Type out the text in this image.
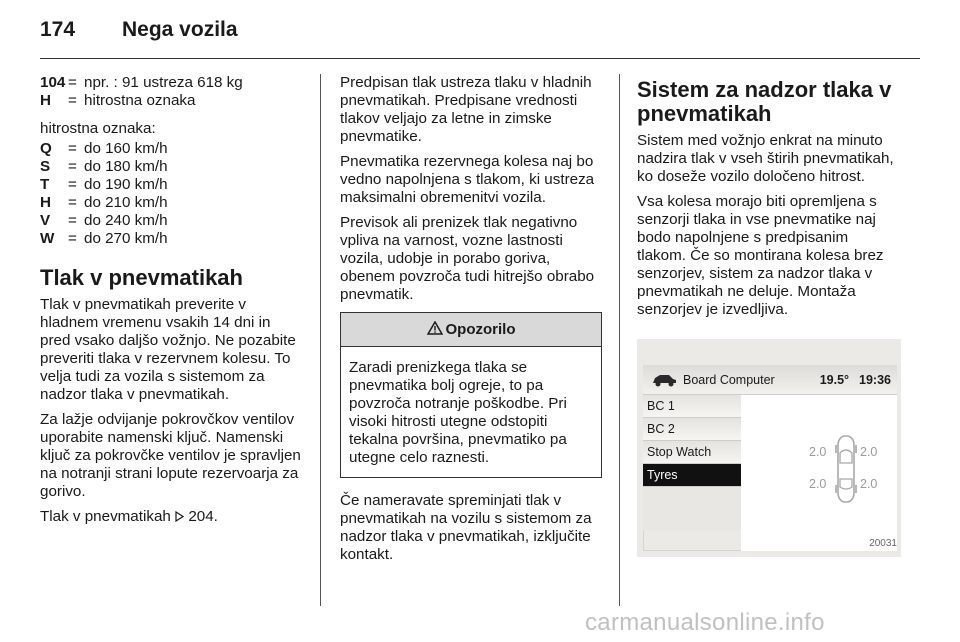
174	Nega vozila
104 = npr. : 91 ustreza 618 kg
H	= hitrostna oznaka

hitrostna oznaka:

Q	= do 160 km/h
S	= do 180 km/h
T	= do 190 km/h
H	= do 210 km/h
V	= do 240 km/h
W = do 270 km/h
Tlak v pnevmatikah

Tlak v pnevmatikah preverite v hladnem vremenu vsakih 14 dni in pred vsako daljšo vožnjo. Ne pozabite preveriti tlaka v rezervnem kolesu. To velja tudi za vozila s sistemom za nadzor tlaka v pnevmatikah.

Za lažje odvijanje pokrovčkov ventilov uporabite namenski ključ. Namenski ključ za pokrovčke ventilov je spravljen na notranji strani lopute rezervoarja za gorivo.

Tlak v pnevmatikah 204.

Predpisan tlak ustreza tlaku v hladnih pnevmatikah. Predpisane vrednosti tlakov veljajo za letne in zimske pnevmatike.

Pnevmatika rezervnega kolesa naj bo vedno napolnjena s tlakom, ki ustreza maksimalni obremenitvi vozila.

Previsok ali prenizek tlak negativno vpliva na varnost, vozne lastnosti vozila, udobje in porabo goriva, obenem povzroča tudi hitrejšo obrabo pnevmatik.

Opozorilo
Zaradi prenizkega tlaka se pnevmatika bolj ogreje, to pa povzroča notranje poškodbe. Pri visoki hitrosti utegne odstopiti tekalna površina, pnevmatiko pa utegne celo raznesti.

Če nameravate spreminjati tlak v pnevmatikah na vozilu s sistemom za nadzor tlaka v pnevmatikah, izključite kontakt.

Sistem za nadzor tlaka v pnevmatikah

Sistem med vožnjo enkrat na minuto nadzira tlak v vseh štirih pnevmatikah, ko doseže vozilo določeno hitrost.

Vsa kolesa morajo biti opremljena s senzorji tlaka in vse pnevmatike naj bodo napolnjene s predpisanim tlakom. Če so montirana kolesa brez senzorjev, sistem za nadzor tlaka v pnevmatikah ne deluje. Montaža senzorjev je izvedljiva.

Board Computer	19.5° 19:36
BC 1
BC 2
Stop Watch
Tyres
2.0	2.0
2.0	2.0
20031
carmanualsonline.info
